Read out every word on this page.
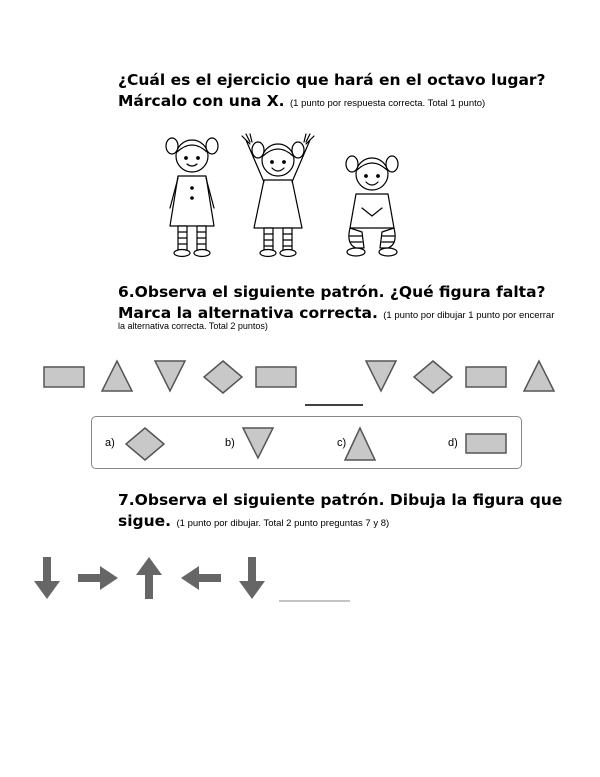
¿Cuál es el ejercicio que hará en el octavo lugar?
Márcalo con una X. (1 punto por respuesta correcta. Total 1 punto)
6.Observa el siguiente patrón. ¿Qué figura falta?
Marca la alternativa correcta. (1 punto por dibujar 1 punto por encerrar
la alternativa correcta. Total 2 puntos)
a)	b)	c)	d)
7.Observa el siguiente patrón. Dibuja la figura que
sigue. (1 punto por dibujar. Total 2 punto preguntas 7 y 8)
